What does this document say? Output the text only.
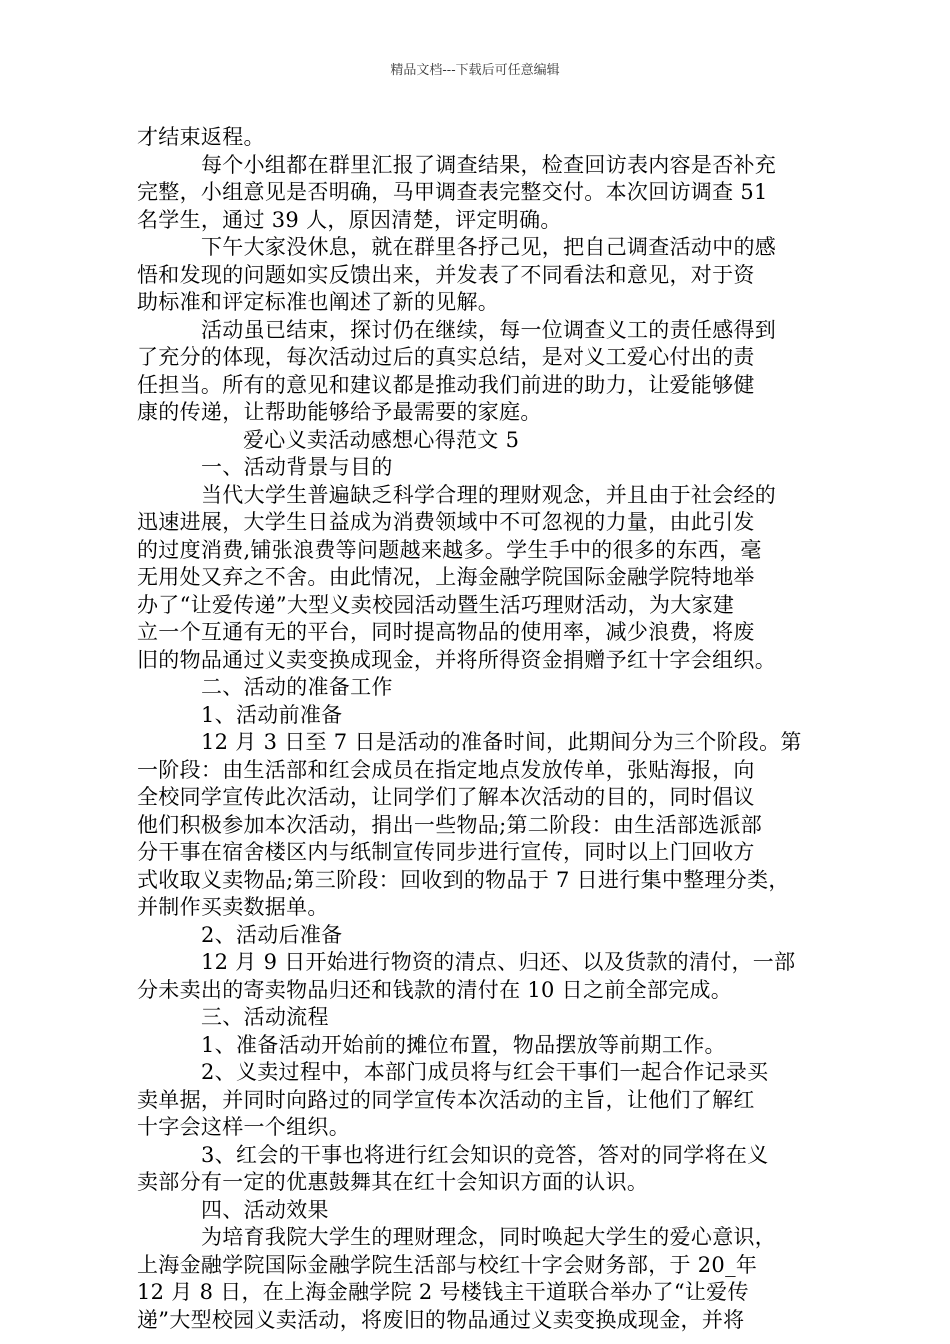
精品文档---下载后可任意编辑
才结束返程。
每个小组都在群里汇报了调查结果，检查回访表内容是否补充
完整，小组意见是否明确，马甲调查表完整交付。本次回访调查 51
名学生，通过 39 人，原因清楚，评定明确。
下午大家没休息，就在群里各抒己见，把自己调查活动中的感
悟和发现的问题如实反馈出来，并发表了不同看法和意见，对于资
助标准和评定标准也阐述了新的见解。
活动虽已结束，探讨仍在继续，每一位调查义工的责任感得到
了充分的体现，每次活动过后的真实总结，是对义工爱心付出的责
任担当。所有的意见和建议都是推动我们前进的助力，让爱能够健
康的传递，让帮助能够给予最需要的家庭。
爱心义卖活动感想心得范文 5
一、活动背景与目的
当代大学生普遍缺乏科学合理的理财观念，并且由于社会经的
迅速进展，大学生日益成为消费领域中不可忽视的力量，由此引发
的过度消费,铺张浪费等问题越来越多。学生手中的很多的东西，毫
无用处又弃之不舍。由此情况，上海金融学院国际金融学院特地举
办了“让爱传递”大型义卖校园活动暨生活巧理财活动，为大家建
立一个互通有无的平台，同时提高物品的使用率，减少浪费，将废
旧的物品通过义卖变换成现金，并将所得资金捐赠予红十字会组织。
二、活动的准备工作
1、活动前准备
12 月 3 日至 7 日是活动的准备时间，此期间分为三个阶段。第
一阶段：由生活部和红会成员在指定地点发放传单，张贴海报，向
全校同学宣传此次活动，让同学们了解本次活动的目的，同时倡议
他们积极参加本次活动，捐出一些物品;第二阶段：由生活部选派部
分干事在宿舍楼区内与纸制宣传同步进行宣传，同时以上门回收方
式收取义卖物品;第三阶段：回收到的物品于 7 日进行集中整理分类，
并制作买卖数据单。
2、活动后准备
12 月 9 日开始进行物资的清点、归还、以及货款的清付，一部
分未卖出的寄卖物品归还和钱款的清付在 10 日之前全部完成。
三、活动流程
1、准备活动开始前的摊位布置，物品摆放等前期工作。
2、义卖过程中，本部门成员将与红会干事们一起合作记录买
卖单据，并同时向路过的同学宣传本次活动的主旨，让他们了解红
十字会这样一个组织。
3、红会的干事也将进行红会知识的竞答，答对的同学将在义
卖部分有一定的优惠鼓舞其在红十会知识方面的认识。
四、活动效果
为培育我院大学生的理财理念，同时唤起大学生的爱心意识，
上海金融学院国际金融学院生活部与校红十字会财务部，于 20_年
12 月 8 日，在上海金融学院 2 号楼钱主干道联合举办了“让爱传
递”大型校园义卖活动，将废旧的物品通过义卖变换成现金，并将
